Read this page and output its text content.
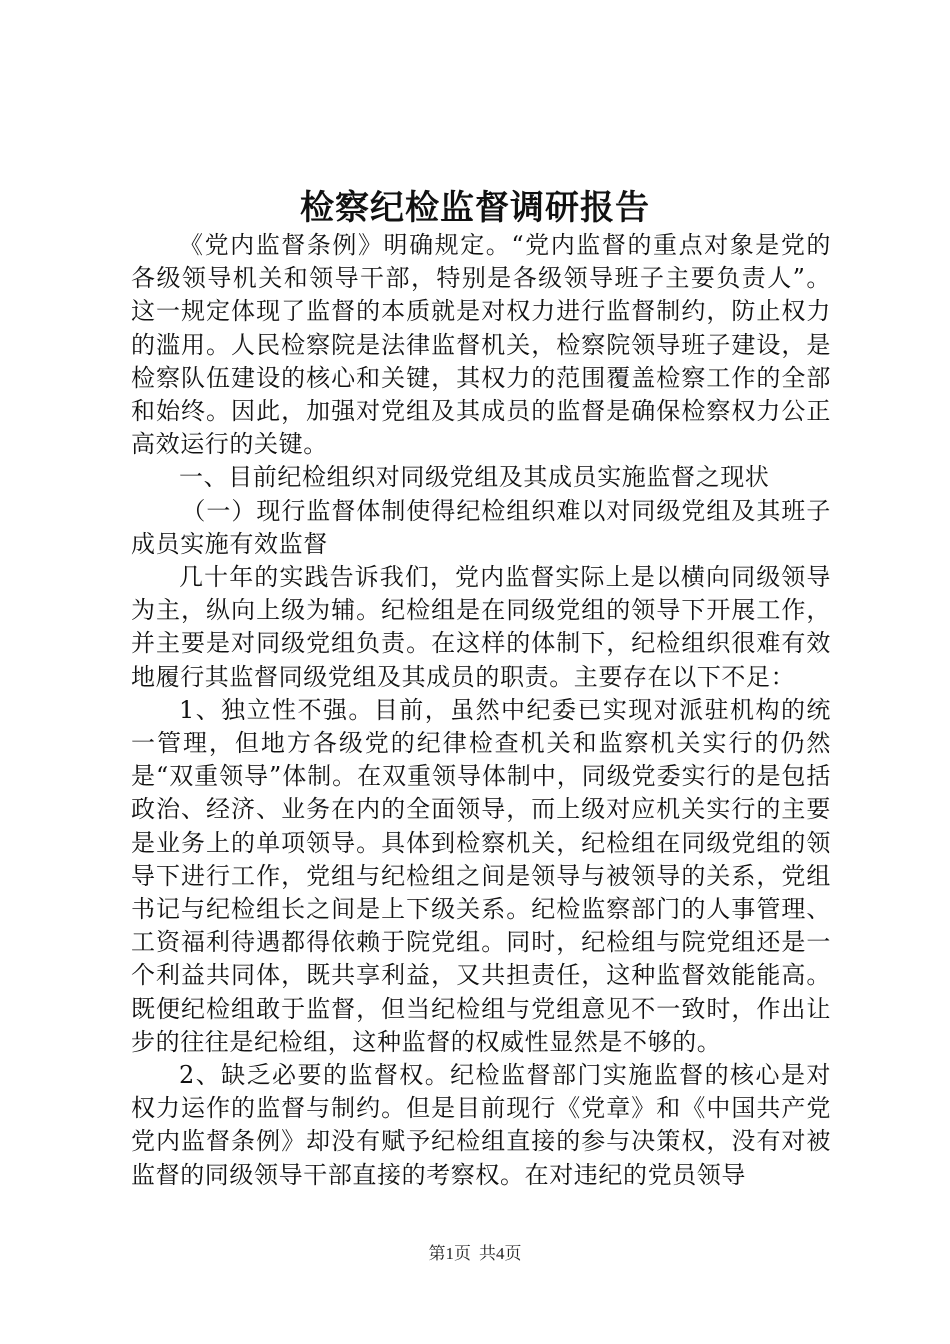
检察纪检监督调研报告

《党内监督条例》明确规定。“党内监督的重点对象是党的各级领导机关和领导干部，特别是各级领导班子主要负责人”。这一规定体现了监督的本质就是对权力进行监督制约，防止权力的滥用。人民检察院是法律监督机关，检察院领导班子建设，是检察队伍建设的核心和关键，其权力的范围覆盖检察工作的全部和始终。因此，加强对党组及其成员的监督是确保检察权力公正高效运行的关键。

一、目前纪检组织对同级党组及其成员实施监督之现状

（一）现行监督体制使得纪检组织难以对同级党组及其班子成员实施有效监督

几十年的实践告诉我们，党内监督实际上是以横向同级领导为主，纵向上级为辅。纪检组是在同级党组的领导下开展工作，并主要是对同级党组负责。在这样的体制下，纪检组织很难有效地履行其监督同级党组及其成员的职责。主要存在以下不足：

1、独立性不强。目前，虽然中纪委已实现对派驻机构的统一管理，但地方各级党的纪律检查机关和监察机关实行的仍然是“双重领导”体制。在双重领导体制中，同级党委实行的是包括政治、经济、业务在内的全面领导，而上级对应机关实行的主要是业务上的单项领导。具体到检察机关，纪检组在同级党组的领导下进行工作，党组与纪检组之间是领导与被领导的关系，党组书记与纪检组长之间是上下级关系。纪检监察部门的人事管理、工资福利待遇都得依赖于院党组。同时，纪检组与院党组还是一个利益共同体，既共享利益，又共担责任，这种监督效能能高。既便纪检组敢于监督，但当纪检组与党组意见不一致时，作出让步的往往是纪检组，这种监督的权威性显然是不够的。

2、缺乏必要的监督权。纪检监督部门实施监督的核心是对权力运作的监督与制约。但是目前现行《党章》和《中国共产党党内监督条例》却没有赋予纪检组直接的参与决策权，没有对被监督的同级领导干部直接的考察权。在对违纪的党员领导

第1页 共4页
